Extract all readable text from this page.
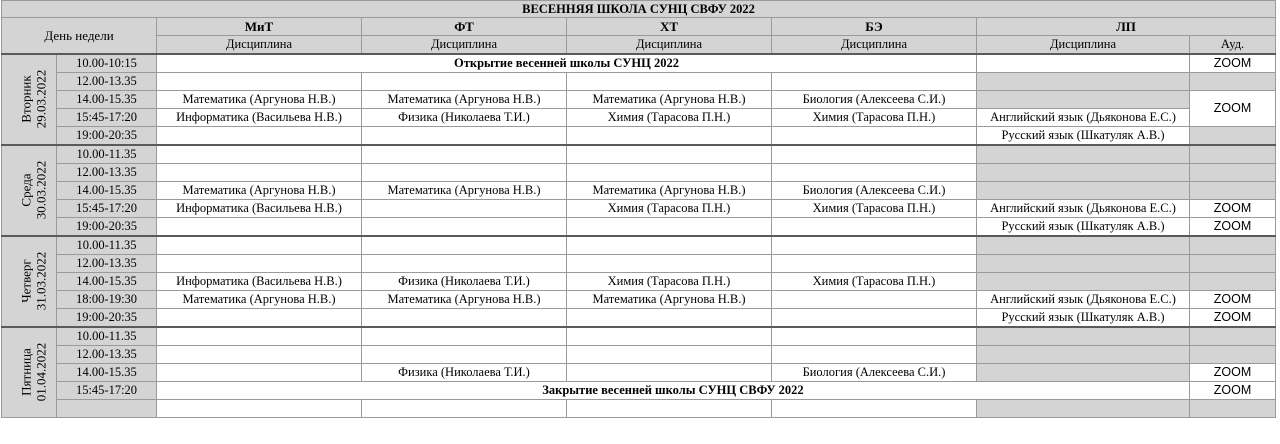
ВЕСЕННЯЯ ШКОЛА СУНЦ СВФУ 2022							
День недели		МиТ	ФТ	ХТ	БЭ	ЛП	
		Дисциплина	Дисциплина	Дисциплина	Дисциплина	Дисциплина	Ауд.

Вторник 29.03.2022	10.00-10:15	Открытие весенней школы СУНЦ 2022					ZOOM
	12.00-13.35						
	14.00-15.35	Математика (Аргунова Н.В.)	Математика (Аргунова Н.В.)	Математика (Аргунова Н.В.)	Биология (Алексеева С.И.)		ZOOM
	15:45-17:20	Информатика (Васильева Н.В.)	Физика (Николаева Т.И.)	Химия (Тарасова П.Н.)	Химия (Тарасова П.Н.)	Английский язык (Дьяконова Е.С.)	
	19:00-20:35					Русский язык (Шкатуляк А.В.)	

Среда 30.03.2022	10.00-11.35						
	12.00-13.35						
	14.00-15.35	Математика (Аргунова Н.В.)	Математика (Аргунова Н.В.)	Математика (Аргунова Н.В.)	Биология (Алексеева С.И.)		
	15:45-17:20	Информатика (Васильева Н.В.)		Химия (Тарасова П.Н.)	Химия (Тарасова П.Н.)	Английский язык (Дьяконова Е.С.)	ZOOM
	19:00-20:35					Русский язык (Шкатуляк А.В.)	ZOOM

Четверг 31.03.2022	10.00-11.35						
	12.00-13.35						
	14.00-15.35	Информатика (Васильева Н.В.)	Физика (Николаева Т.И.)	Химия (Тарасова П.Н.)	Химия (Тарасова П.Н.)		
	18:00-19:30	Математика (Аргунова Н.В.)	Математика (Аргунова Н.В.)	Математика (Аргунова Н.В.)		Английский язык (Дьяконова Е.С.)	ZOOM
	19:00-20:35					Русский язык (Шкатуляк А.В.)	ZOOM

Пятница 01.04.2022	10.00-11.35						
	12.00-13.35						
	14.00-15.35		Физика (Николаева Т.И.)		Биология (Алексеева С.И.)		ZOOM
	15:45-17:20	Закрытие весенней школы СУНЦ СВФУ 2022					ZOOM
